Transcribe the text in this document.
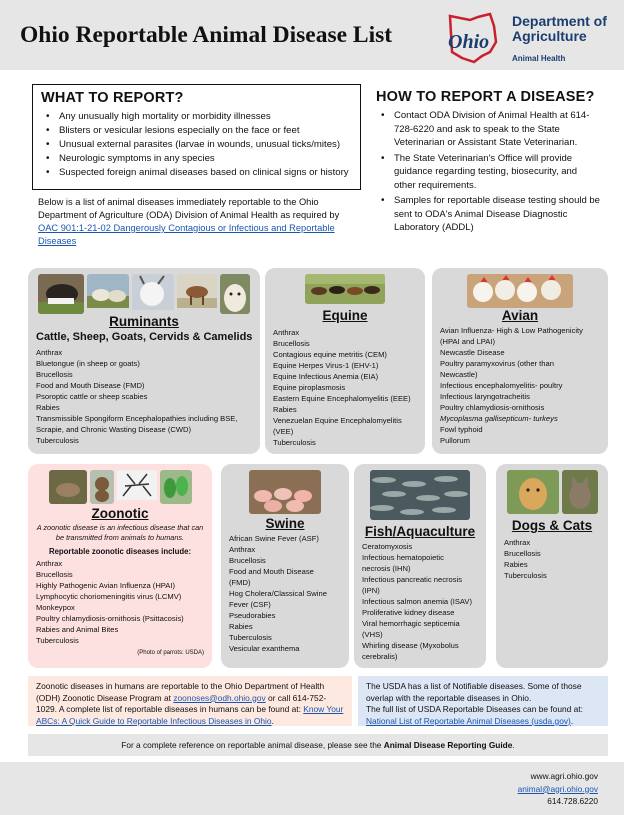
Ohio Reportable Animal Disease List	Ohio
Department of
Agriculture
Animal Health
WHAT TO REPORT?
• Any unusually high mortality or morbidity illnesses
• Blisters or vesicular lesions especially on the face or feet
• Unusual external parasites (larvae in wounds, unusual ticks/mites)
• Neurologic symptoms in any species
• Suspected foreign animal diseases based on clinical signs or history
HOW TO REPORT A DISEASE?
• Contact ODA Division of Animal Health at 614-728-6220 and ask to speak to the State Veterinarian or Assistant State Veterinarian.
• The State Veterinarian's Office will provide guidance regarding testing, biosecurity, and other requirements.
• Samples for reportable disease testing should be sent to ODA's Animal Disease Diagnostic Laboratory (ADDL)
Below is a list of animal diseases immediately reportable to the Ohio Department of Agriculture (ODA) Division of Animal Health as required by OAC 901:1-21-02 Dangerously Contagious or Infectious and Reportable Diseases
Ruminants
Cattle, Sheep, Goats, Cervids & Camelids
Anthrax
Bluetongue (in sheep or goats)
Brucellosis
Food and Mouth Disease (FMD)
Psoroptic cattle or sheep scabies
Rabies
Transmissible Spongiform Encephalopathies including BSE,
Scrapie, and Chronic Wasting Disease (CWD)
Tuberculosis
Equine
Anthrax
Brucellosis
Contagious equine metritis (CEM)
Equine Herpes Virus-1 (EHV-1)
Equine Infectious Anemia (EIA)
Equine piroplasmosis
Eastern Equine Encephalomyelitis (EEE)
Rabies
Venezuelan Equine Encephalomyelitis
(VEE)
Tuberculosis
Avian
Avian Influenza- High & Low Pathogenicity
(HPAI and LPAI)
Newcastle Disease
Poultry paramyxovirus (other than
Newcastle)
Infectious encephalomyelitis- poultry
Infectious laryngotracheitis
Poultry chlamydiosis-ornithosis
Mycoplasma gallisepticum- turkeys
Fowl typhoid
Pullorum
Zoonotic
A zoonotic disease is an infectious disease that can be transmitted from animals to humans.
Reportable zoonotic diseases include:
Anthrax
Brucellosis
Highly Pathogenic Avian Influenza (HPAI)
Lymphocytic choriomeningitis virus (LCMV)
Monkeypox
Poultry chlamydiosis-ornithosis (Psittacosis)
Rabies and Animal Bites
Tuberculosis
(Photo of parrots: USDA)
Swine
African Swine Fever (ASF)
Anthrax
Brucellosis
Food and Mouth Disease
(FMD)
Hog Cholera/Classical Swine
Fever (CSF)
Pseudorabies
Rabies
Tuberculosis
Vesicular exanthema
Fish/Aquaculture
Ceratomyxosis
Infectious hematopoietic
necrosis (IHN)
Infectious pancreatic necrosis
(IPN)
Infectious salmon anemia (ISAV)
Proliferative kidney disease
Viral hemorrhagic septicemia
(VHS)
Whirling disease (Myxobolus
cerebralis)
Dogs & Cats
Anthrax
Brucellosis
Rabies
Tuberculosis
Zoonotic diseases in humans are reportable to the Ohio Department of Health (ODH) Zoonotic Disease Program at zoonoses@odh.ohio.gov or call 614-752-1029. A complete list of reportable diseases in humans can be found at: Know Your ABCs: A Quick Guide to Reportable Infectious Diseases in Ohio.
The USDA has a list of Notifiable diseases. Some of those overlap with the reportable diseases in Ohio.
The full list of USDA Reportable Diseases can be found at: National List of Reportable Animal Diseases (usda.gov).
For a complete reference on reportable animal disease, please see the Animal Disease Reporting Guide.
www.agri.ohio.gov
animal@agri.ohio.gov
614.728.6220
